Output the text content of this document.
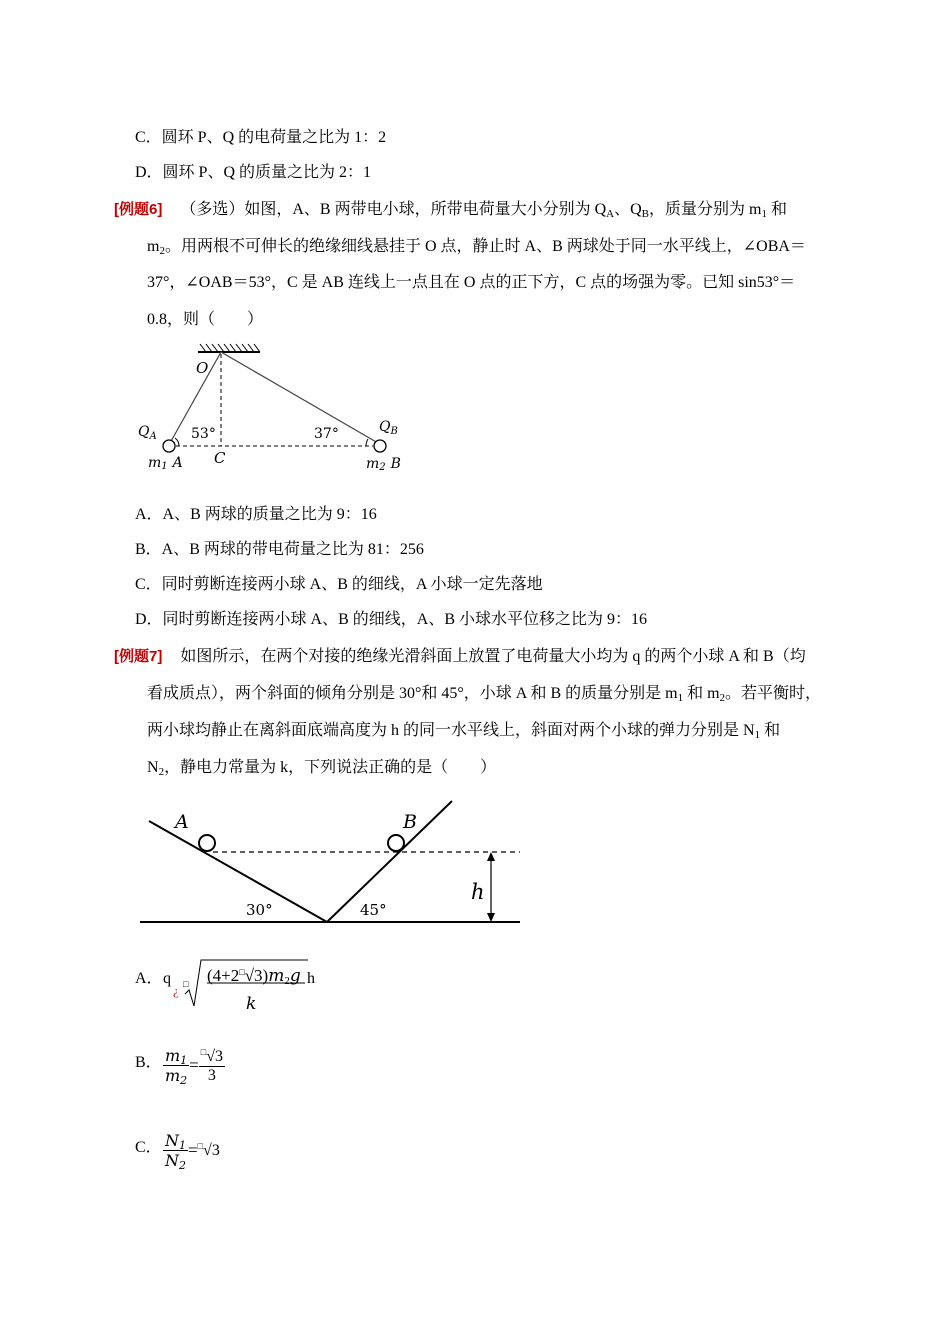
C．圆环 P、Q 的电荷量之比为 1：2
D．圆环 P、Q 的质量之比为 2：1
[例题6] （多选）如图，A、B 两带电小球，所带电荷量大小分别为 $Q_A$、$Q_B$，质量分别为 $m_1$ 和
$m_2$。用两根不可伸长的绝缘细线悬挂于 O 点，静止时 A、B 两球处于同一水平线上，∠OBA＝
37°，∠OAB＝53°，C 是 AB 连线上一点且在 O 点的正下方，C 点的场强为零。已知 sin53°＝
0.8，则（　　）
O
$Q_A$ 53°	37°	$Q_B$
m1 A C	m2 B
A．A、B 两球的质量之比为 9：16
B．A、B 两球的带电荷量之比为 81：256
C．同时剪断连接两小球 A、B 的细线，A 小球一定先落地
D．同时剪断连接两小球 A、B 的细线，A、B 小球水平位移之比为 9：16
[例题7] 如图所示，在两个对接的绝缘光滑斜面上放置了电荷量大小均为 q 的两个小球 A 和 B（均
看成质点），两个斜面的倾角分别是 30°和 45°，小球 A 和 B 的质量分别是 $m_1$ 和 $m_2$。若平衡时，
两小球均静止在离斜面底端高度为 h 的同一水平线上，斜面对两个小球的弹力分别是 $N_1$ 和
$N_2$，静电力常量为 k，下列说法正确的是（　　）
A	B
30°	45°
h
A． q
¿ □ $(4+2^□√3)m_2g$
k
h
B． $\frac{m_1}{m_2} = \frac{^□√3}{3}$
C． $\frac{N_1}{N_2} =^□√3$
